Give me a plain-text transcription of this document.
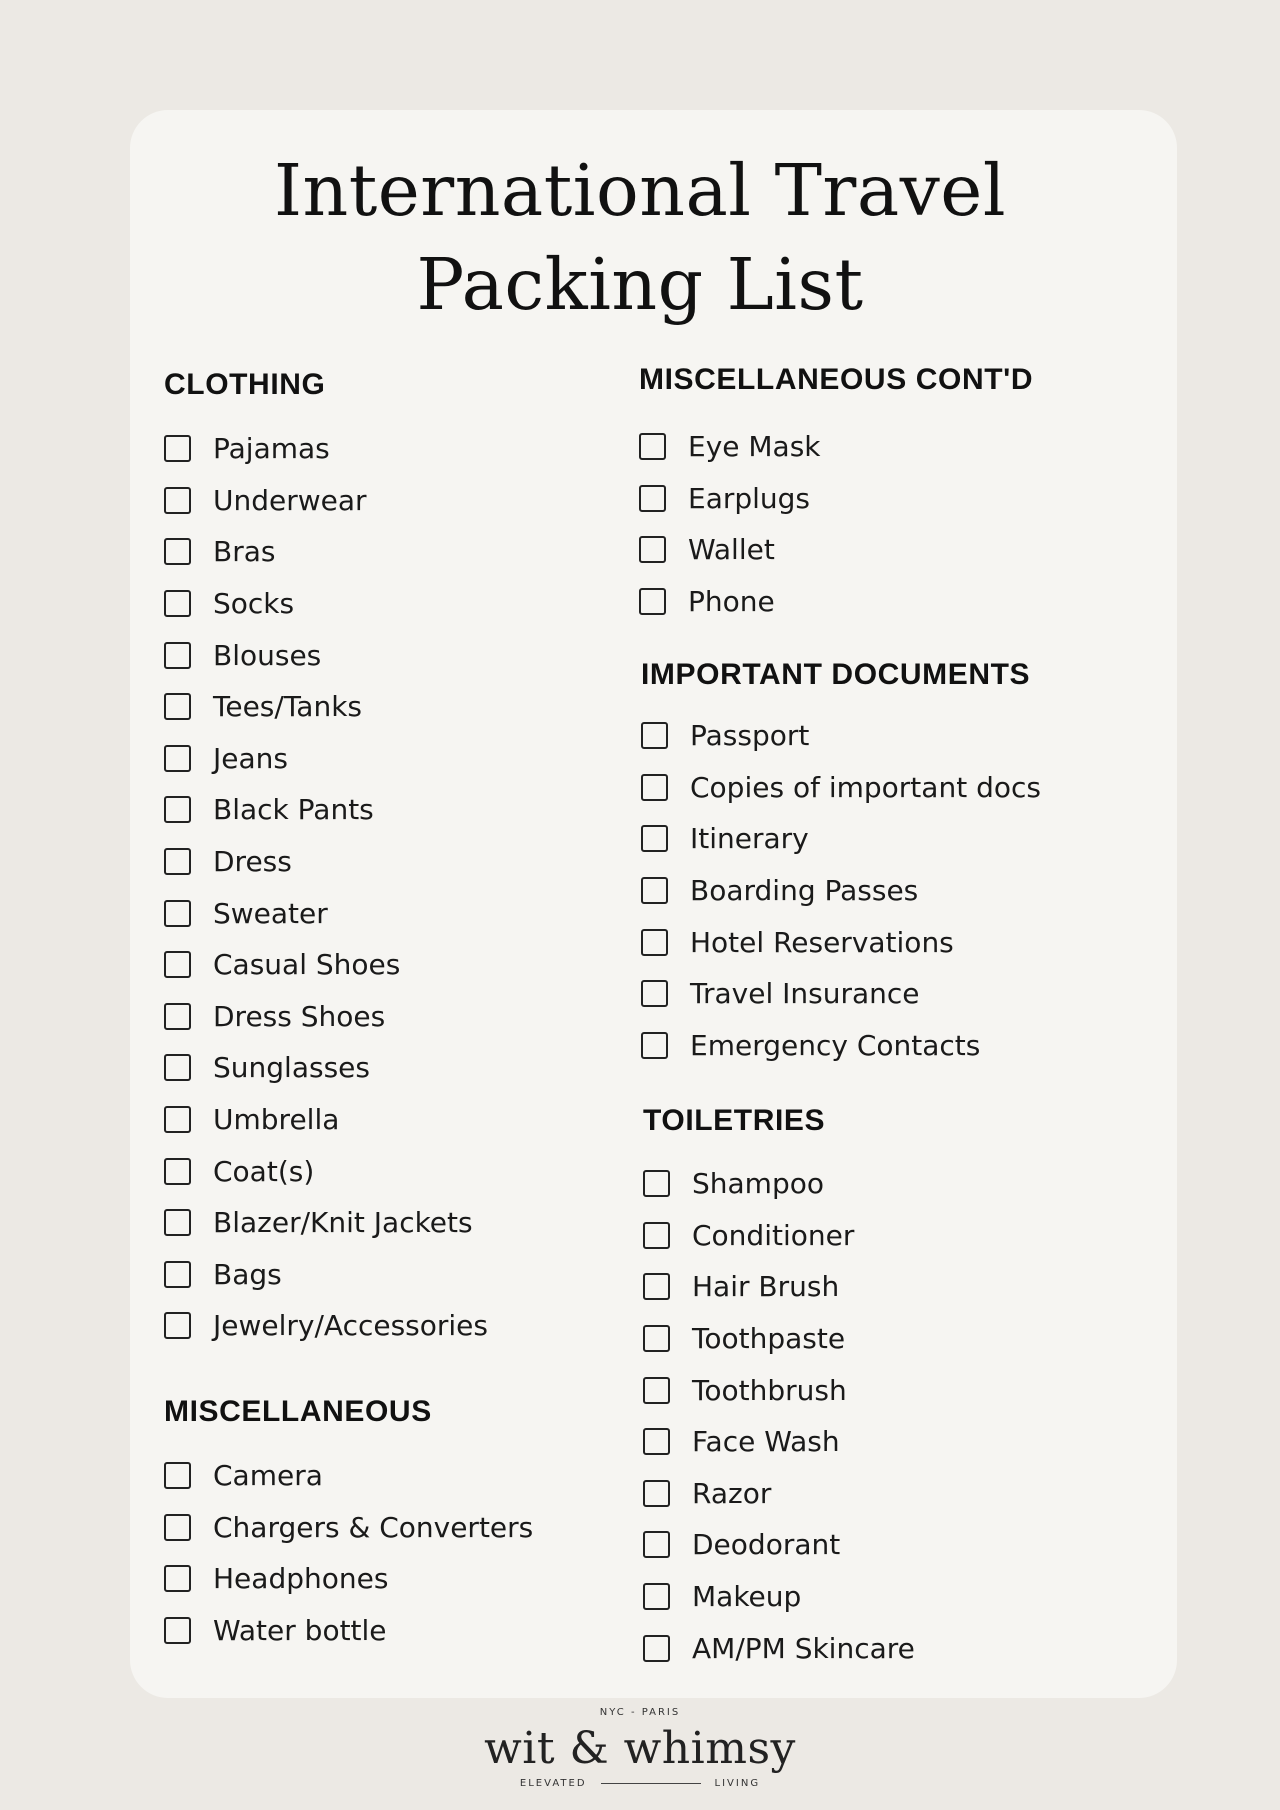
International Travel
Packing List
CLOTHING
Pajamas
Underwear
Bras
Socks
Blouses
Tees/Tanks
Jeans
Black Pants
Dress
Sweater
Casual Shoes
Dress Shoes
Sunglasses
Umbrella
Coat(s)
Blazer/Knit Jackets
Bags
Jewelry/Accessories
MISCELLANEOUS
Camera
Chargers & Converters
Headphones
Water bottle
MISCELLANEOUS CONT'D
Eye Mask
Earplugs
Wallet
Phone
IMPORTANT DOCUMENTS
Passport
Copies of important docs
Itinerary
Boarding Passes
Hotel Reservations
Travel Insurance
Emergency Contacts
TOILETRIES
Shampoo
Conditioner
Hair Brush
Toothpaste
Toothbrush
Face Wash
Razor
Deodorant
Makeup
AM/PM Skincare
NYC - PARIS
wit & whimsy
ELEVATED	LIVING
